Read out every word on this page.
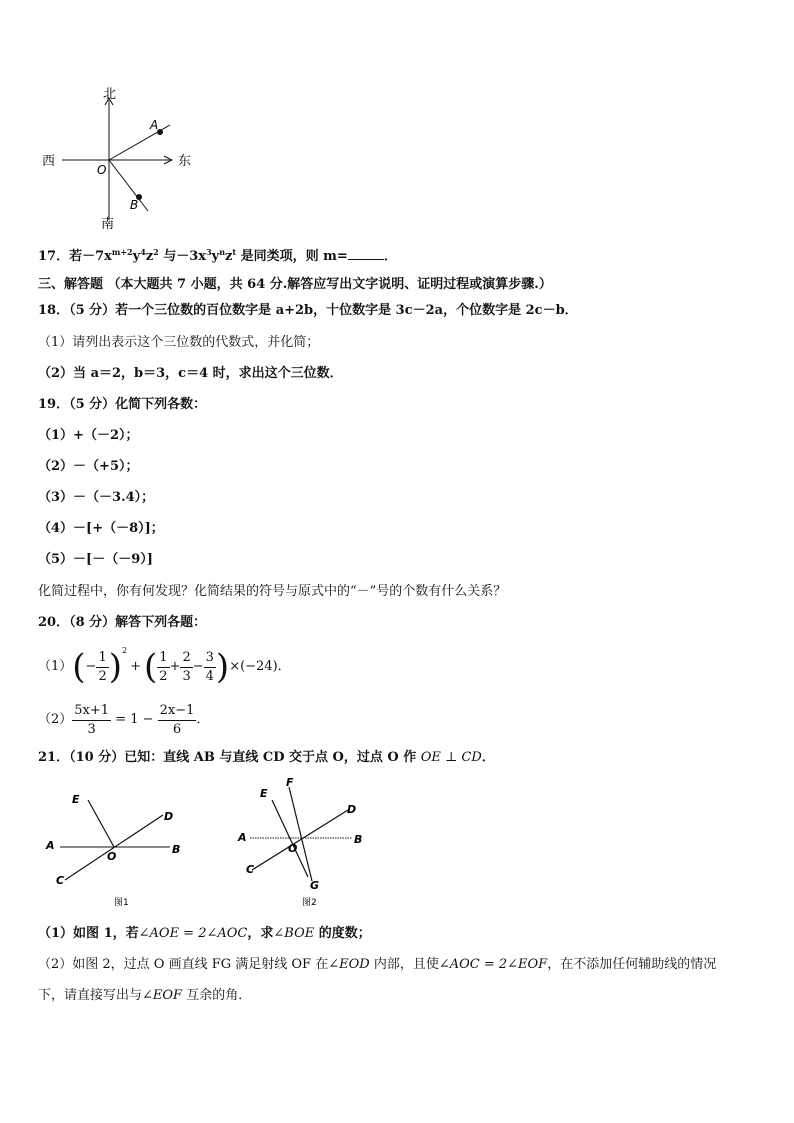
北
南
西	东
O
A
B
17．若$-7x^{m+2}y^4z^2$ 与$-3x^3y^nz^t$ 是同类项，则 m=	．
三、解答题 （本大题共 7 小题，共 64 分.解答应写出文字说明、证明过程或演算步骤.）
18．（5 分）若一个三位数的百位数字是 a+2b，十位数字是 3c－2a，个位数字是 2c－b．
（1）请列出表示这个三位数的代数式，并化简；
（2）当 a＝2，b＝3，c＝4 时，求出这个三位数．
19．（5 分）化简下列各数：
（1）+（－2）；
（2）－（+5）；
（3）－（－3.4）；
（4）－[+（－8）]；
（5）－[－（－9）]
化简过程中，你有何发现？化简结果的符号与原式中的“－”号的个数有什么关系？
20．（8 分）解答下列各题：
（1） ( − $\frac{1}{2}$ ) 2
+ ( $\frac{1}{2} + \frac{2}{3} - \frac{3}{4}$ ) ×(−24)．
$(2) \frac{5x+1}{3} = 1 - \frac{2x-1}{6}$ ．
21．（10 分）已知：直线 AB 与直线 CD 交于点 O，过点 O 作 OE ⊥ CD．
A	B
C
D
E
O
图1
A	B
C
D
E
F
G
O
图2
（1）如图 1，若∠AOE = 2∠AOC，求∠BOE 的度数；
（2）如图 2，过点 O 画直线 FG 满足射线 OF 在∠EOD 内部，且使∠AOC = 2∠EOF，在不添加任何辅助线的情况
下，请直接写出与∠EOF 互余的角．
